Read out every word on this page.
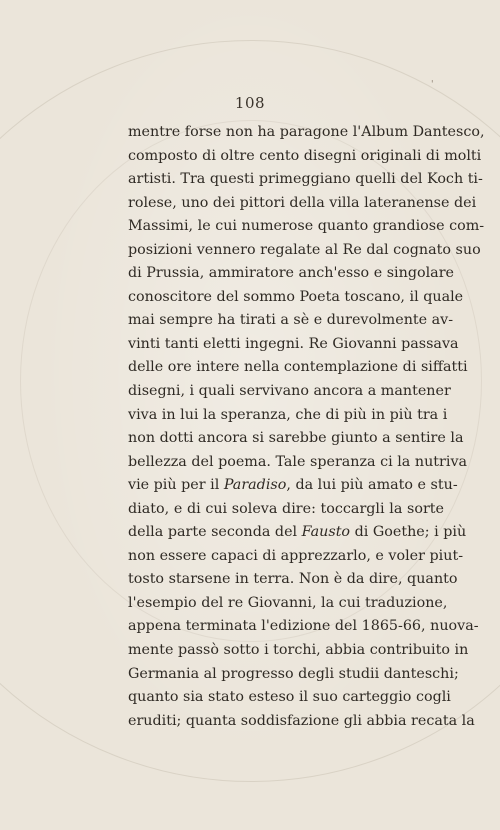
'
108
mentre forse non ha paragone l'Album Dantesco,
composto di oltre cento disegni originali di molti
artisti. Tra questi primeggiano quelli del Koch ti-
rolese, uno dei pittori della villa lateranense dei
Massimi, le cui numerose quanto grandiose com-
posizioni vennero regalate al Re dal cognato suo
di Prussia, ammiratore anch'esso e singolare
conoscitore del sommo Poeta toscano, il quale
mai sempre ha tirati a sè e durevolmente av-
vinti tanti eletti ingegni. Re Giovanni passava
delle ore intere nella contemplazione di siffatti
disegni, i quali servivano ancora a mantener
viva in lui la speranza, che di più in più tra i
non dotti ancora si sarebbe giunto a sentire la
bellezza del poema. Tale speranza ci la nutriva
vie più per il Paradiso, da lui più amato e stu-
diato, e di cui soleva dire: toccargli la sorte
della parte seconda del Fausto di Goethe; i più
non essere capaci di apprezzarlo, e voler piut-
tosto starsene in terra. Non è da dire, quanto
l'esempio del re Giovanni, la cui traduzione,
appena terminata l'edizione del 1865-66, nuova-
mente passò sotto i torchi, abbia contribuito in
Germania al progresso degli studii danteschi;
quanto sia stato esteso il suo carteggio cogli
eruditi; quanta soddisfazione gli abbia recata la
